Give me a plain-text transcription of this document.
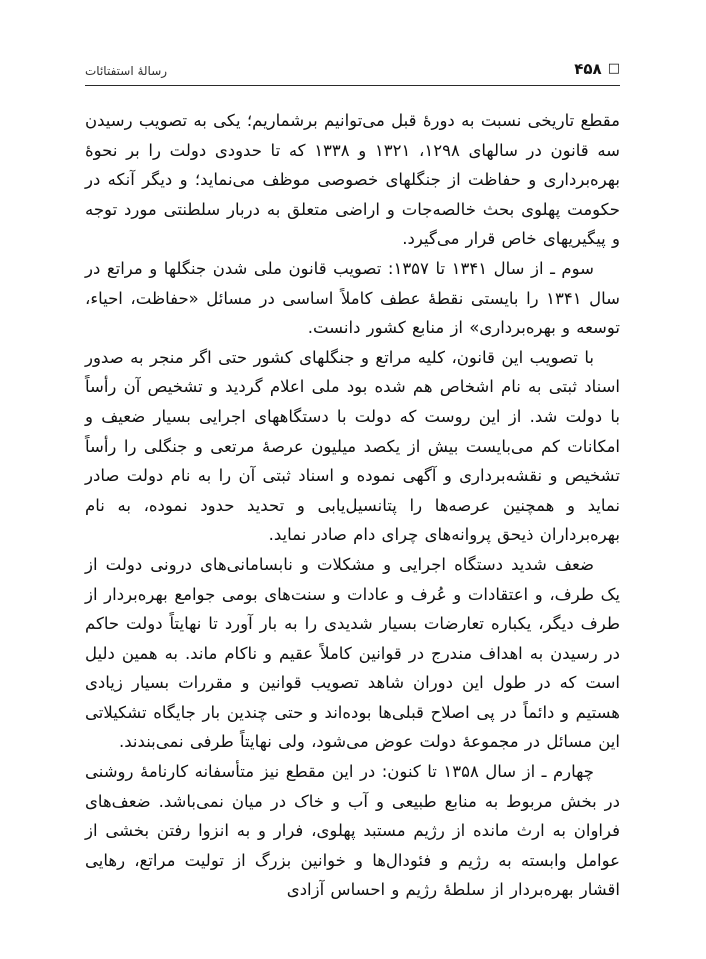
رسالهٔ استفتائات	۴۵۸ □

مقطع تاریخی نسبت به دورهٔ قبل می‌توانیم برشماریم؛ یکی به تصویب رسیدن سه قانون در سالهای ۱۲۹۸، ۱۳۲۱ و ۱۳۳۸ که تا حدودی دولت را بر نحوهٔ بهره‌برداری و حفاظت از جنگلهای خصوصی موظف می‌نماید؛ و دیگر آنکه در حکومت پهلوی بحث خالصه‌جات و اراضی متعلق به دربار سلطنتی مورد توجه و پیگیریهای خاص قرار می‌گیرد.

سوم ـ از سال ۱۳۴۱ تا ۱۳۵۷: تصویب قانون ملی شدن جنگلها و مراتع در سال ۱۳۴۱ را بایستی نقطهٔ عطف کاملاً اساسی در مسائل «حفاظت، احیاء، توسعه و بهره‌برداری» از منابع کشور دانست.

با تصویب این قانون، کلیه مراتع و جنگلهای کشور حتی اگر منجر به صدور اسناد ثبتی به نام اشخاص هم شده بود ملی اعلام گردید و تشخیص آن رأساً با دولت شد. از این روست که دولت با دستگاههای اجرایی بسیار ضعیف و امکانات کم می‌بایست بیش از یکصد میلیون عرصهٔ مرتعی و جنگلی را رأساً تشخیص و نقشه‌برداری و آگهی نموده و اسناد ثبتی آن را به نام دولت صادر نماید و همچنین عرصه‌ها را پتانسیل‌یابی و تحدید حدود نموده، به نام بهره‌برداران ذیحق پروانه‌های چرای دام صادر نماید.

ضعف شدید دستگاه اجرایی و مشکلات و نابسامانی‌های درونی دولت از یک طرف، و اعتقادات و عُرف و عادات و سنت‌های بومی جوامع بهره‌بردار از طرف دیگر، یکباره تعارضات بسیار شدیدی را به بار آورد تا نهایتاً دولت حاکم در رسیدن به اهداف مندرج در قوانین کاملاً عقیم و ناکام ماند. به همین دلیل است که در طول این دوران شاهد تصویب قوانین و مقررات بسیار زیادی هستیم و دائماً در پی اصلاح قبلی‌ها بوده‌اند و حتی چندین بار جایگاه تشکیلاتی این مسائل در مجموعهٔ دولت عوض می‌شود، ولی نهایتاً طرفی نمی‌بندند.

چهارم ـ از سال ۱۳۵۸ تا کنون: در این مقطع نیز متأسفانه کارنامهٔ روشنی در بخش مربوط به منابع طبیعی و آب و خاک در میان نمی‌باشد. ضعف‌های فراوان به ارث مانده از رژیم مستبد پهلوی، فرار و به انزوا رفتن بخشی از عوامل وابسته به رژیم و فئودال‌ها و خوانین بزرگ از تولیت مراتع، رهایی اقشار بهره‌بردار از سلطهٔ رژیم و احساس آزادی
